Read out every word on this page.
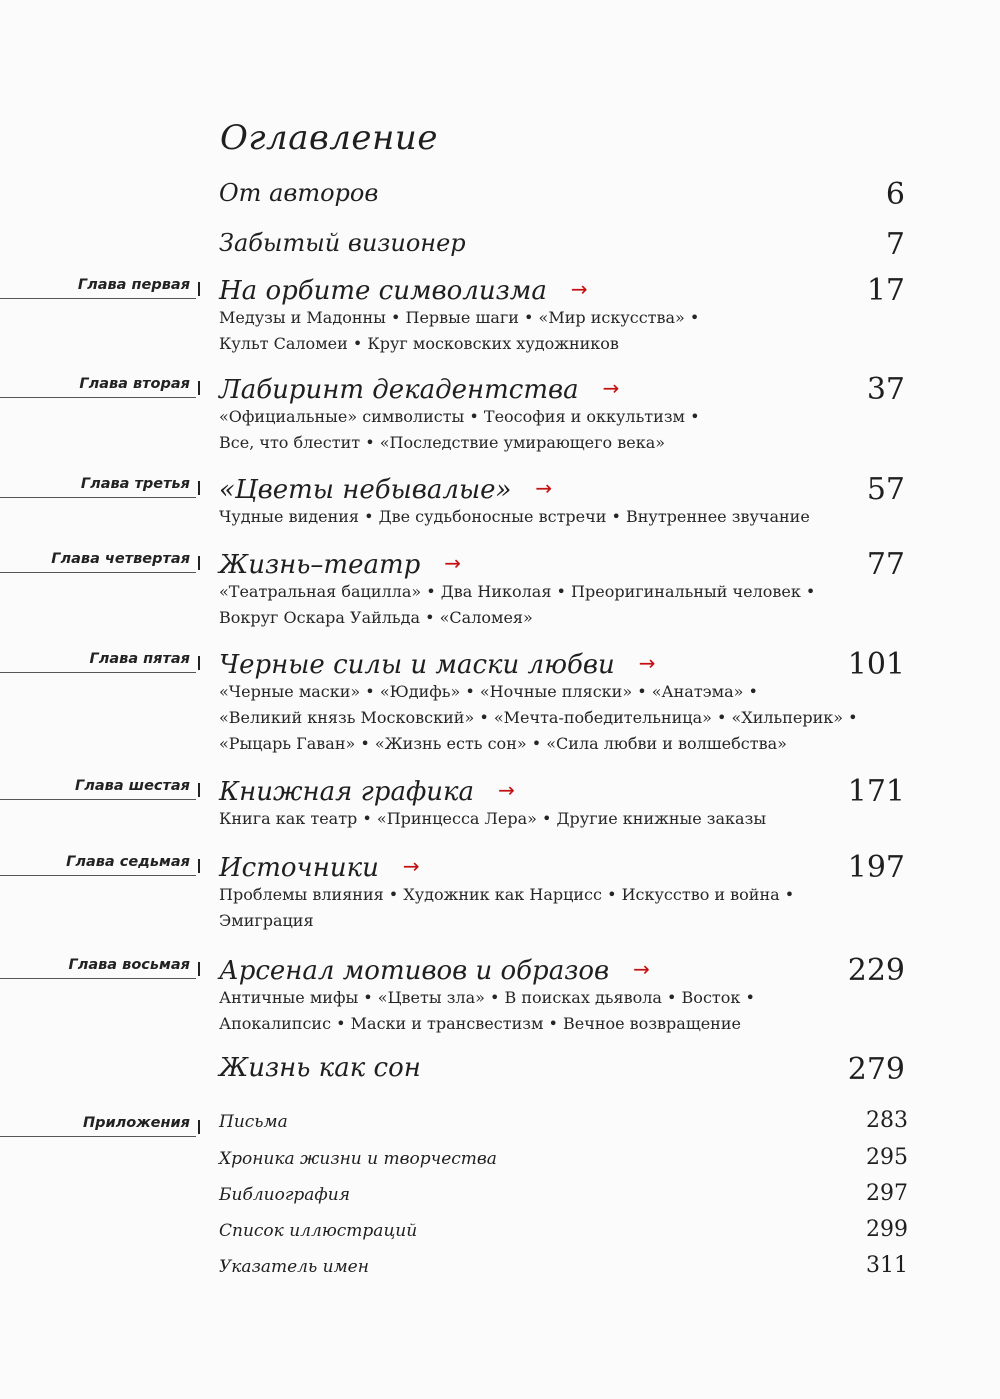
Оглавление
От авторов	6
Забытый визионер	7
Глава первая На орбите символизма →	17
Медузы и Мадонны • Первые шаги • «Мир искусства» •
Культ Саломеи • Круг московских художников
Глава вторая Лабиринт декадентства →	37
«Официальные» символисты • Теософия и оккультизм •
Все, что блестит • «Последствие умирающего века»
Глава третья «Цветы небывалые» →	57
Чудные видения • Две судьбоносные встречи • Внутреннее звучание
Глава четвертая Жизнь–театр →	77
«Театральная бацилла» • Два Николая • Преоригинальный человек •
Вокруг Оскара Уайльда • «Саломея»
Глава пятая Черные силы и маски любви →	101
«Черные маски» • «Юдифь» • «Ночные пляски» • «Анатэма» •
«Великий князь Московский» • «Мечта-победительница» • «Хильперик» •
«Рыцарь Гаван» • «Жизнь есть сон» • «Сила любви и волшебства»
Глава шестая Книжная графика →	171
Книга как театр • «Принцесса Лера» • Другие книжные заказы
Глава седьмая Источники →	197
Проблемы влияния • Художник как Нарцисс • Искусство и война •
Эмиграция
Глава восьмая Арсенал мотивов и образов →	229
Античные мифы • «Цветы зла» • В поисках дьявола • Восток •
Апокалипсис • Маски и трансвестизм • Вечное возвращение
Жизнь как сон	279
Приложения Письма	283
Хроника жизни и творчества	295
Библиография	297
Список иллюстраций	299
Указатель имен	311
